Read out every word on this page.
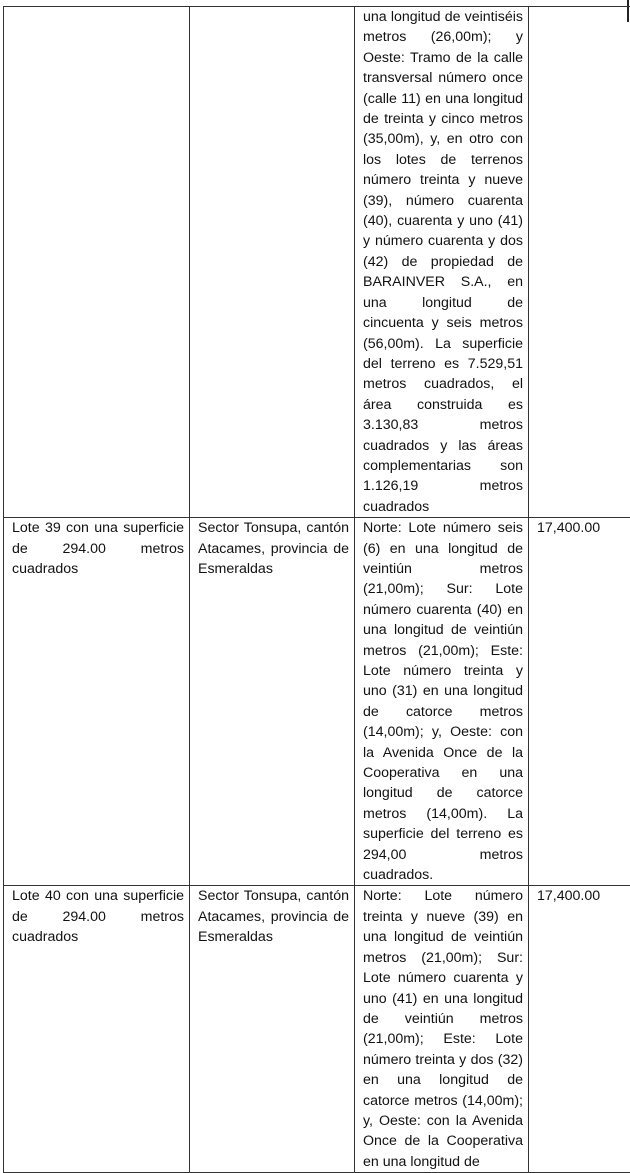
		una longitud de veintiséis metros (26,00m); y Oeste: Tramo de la calle transversal número once (calle 11) en una longitud de treinta y cinco metros (35,00m), y, en otro con los lotes de terrenos número treinta y nueve (39), número cuarenta (40), cuarenta y uno (41) y número cuarenta y dos (42) de propiedad de BARAINVER S.A., en una longitud de cincuenta y seis metros (56,00m). La superficie del terreno es 7.529,51 metros cuadrados, el área construida es 3.130,83 metros cuadrados y las áreas complementarias son 1.126,19 metros cuadrados	
Lote 39 con una superficie de 294.00 metros cuadrados	Sector Tonsupa, cantón Atacames, provincia de Esmeraldas	Norte: Lote número seis (6) en una longitud de veintiún metros (21,00m); Sur: Lote número cuarenta (40) en una longitud de veintiún metros (21,00m); Este: Lote número treinta y uno (31) en una longitud de catorce metros (14,00m); y, Oeste: con la Avenida Once de la Cooperativa en una longitud de catorce metros (14,00m). La superficie del terreno es 294,00 metros cuadrados.	17,400.00
Lote 40 con una superficie de 294.00 metros cuadrados	Sector Tonsupa, cantón Atacames, provincia de Esmeraldas	Norte: Lote número treinta y nueve (39) en una longitud de veintiún metros (21,00m); Sur: Lote número cuarenta y uno (41) en una longitud de veintiún metros (21,00m); Este: Lote número treinta y dos (32) en una longitud de catorce metros (14,00m); y, Oeste: con la Avenida Once de la Cooperativa en una longitud de	17,400.00
